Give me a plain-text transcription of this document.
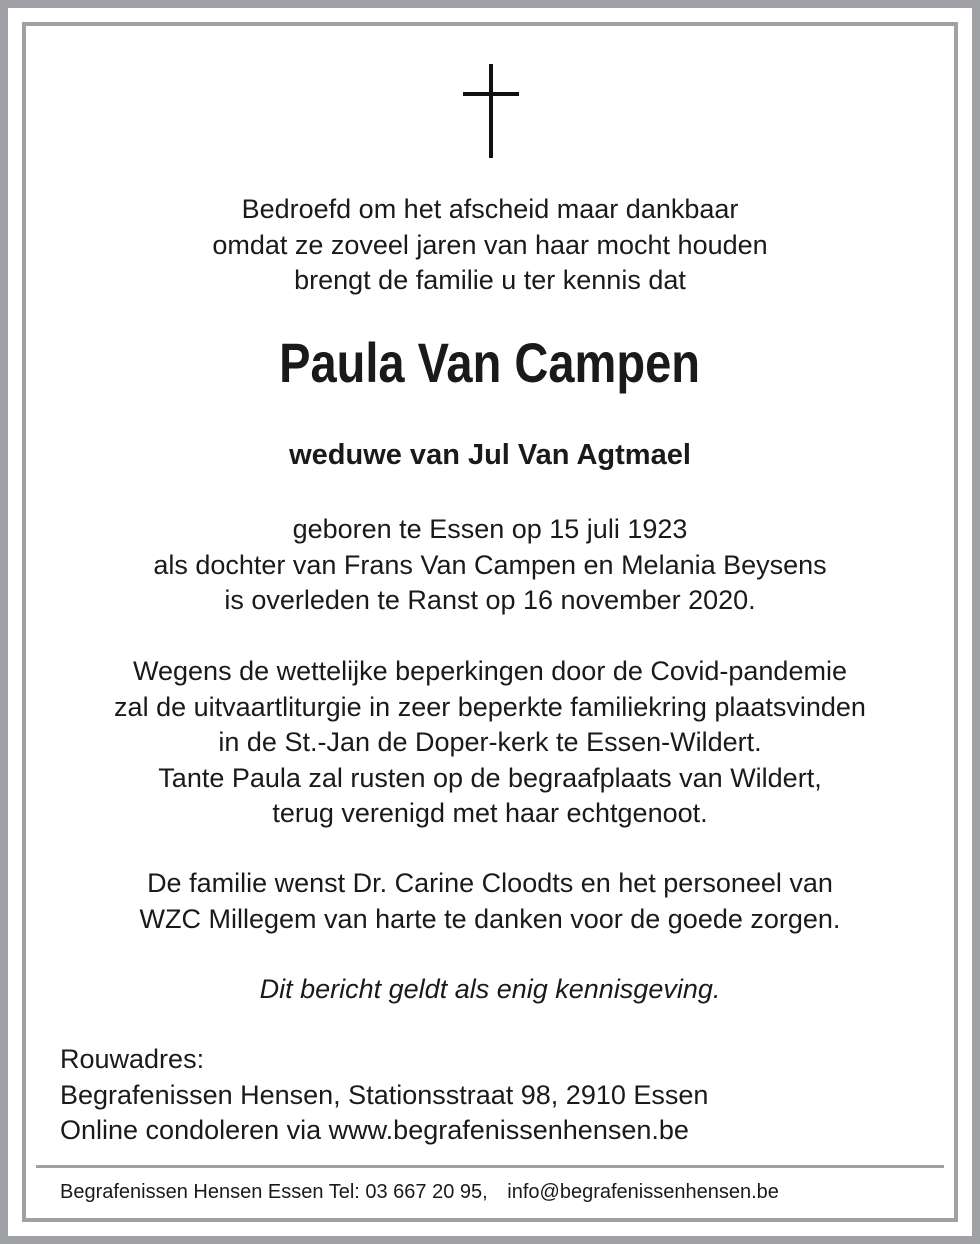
Bedroefd om het afscheid maar dankbaar
omdat ze zoveel jaren van haar mocht houden
brengt de familie u ter kennis dat
Paula Van Campen
weduwe van Jul Van Agtmael
geboren te Essen op 15 juli 1923
als dochter van Frans Van Campen en Melania Beysens
is overleden te Ranst op 16 november 2020.
Wegens de wettelijke beperkingen door de Covid-pandemie
zal de uitvaartliturgie in zeer beperkte familiekring plaatsvinden
in de St.-Jan de Doper-kerk te Essen-Wildert.
Tante Paula zal rusten op de begraafplaats van Wildert,
terug verenigd met haar echtgenoot.
De familie wenst Dr. Carine Cloodts en het personeel van
WZC Millegem van harte te danken voor de goede zorgen.
Dit bericht geldt als enig kennisgeving.
Rouwadres:
Begrafenissen Hensen, Stationsstraat 98, 2910 Essen
Online condoleren via www.begrafenissenhensen.be
Begrafenissen Hensen Essen Tel: 03 667 20 95, info@begrafenissenhensen.be
